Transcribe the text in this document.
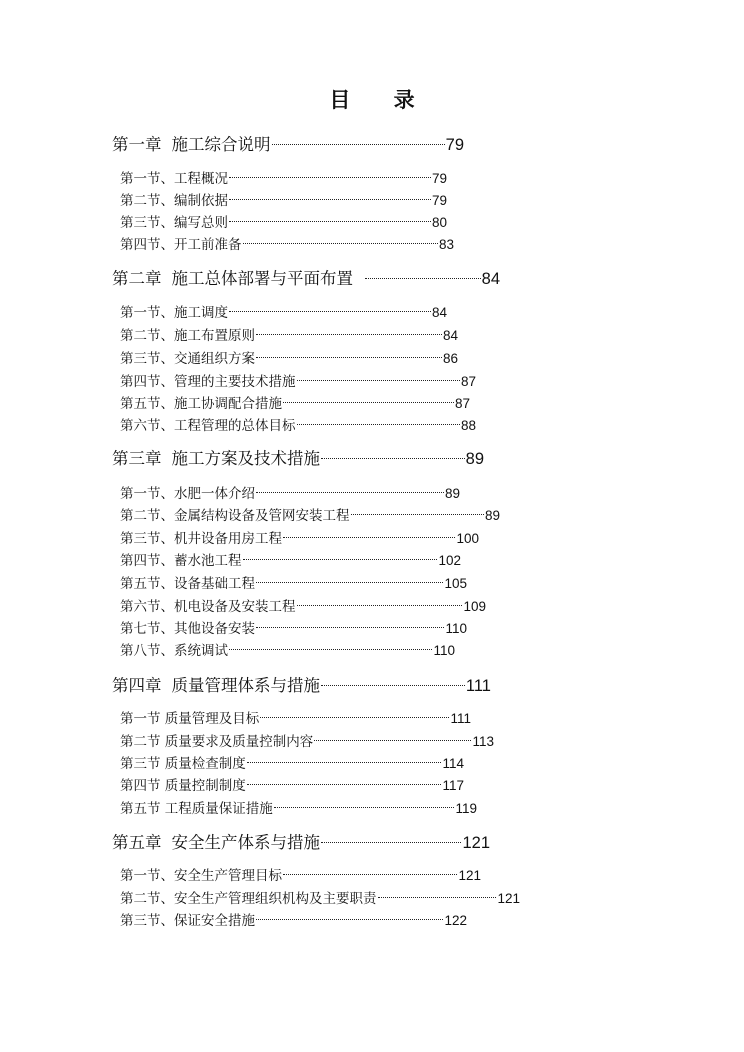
目 录
第一章 施工综合说明	79
第一节、工程概况	79
第二节、编制依据	79
第三节、编写总则	80
第四节、开工前准备	83
第二章 施工总体部署与平面布置	84
第一节、施工调度	84
第二节、施工布置原则	84
第三节、交通组织方案	86
第四节、管理的主要技术措施	87
第五节、施工协调配合措施	87
第六节、工程管理的总体目标	88
第三章 施工方案及技术措施	89
第一节、水肥一体介绍	89
第二节、金属结构设备及管网安装工程	89
第三节、机井设备用房工程	100
第四节、蓄水池工程	102
第五节、设备基础工程	105
第六节、机电设备及安装工程	109
第七节、其他设备安装	110
第八节、系统调试	110
第四章 质量管理体系与措施	111
第一节 质量管理及目标	111
第二节 质量要求及质量控制内容	113
第三节 质量检查制度	114
第四节 质量控制制度	117
第五节 工程质量保证措施	119
第五章 安全生产体系与措施	121
第一节、安全生产管理目标	121
第二节、安全生产管理组织机构及主要职责	121
第三节、保证安全措施	122
